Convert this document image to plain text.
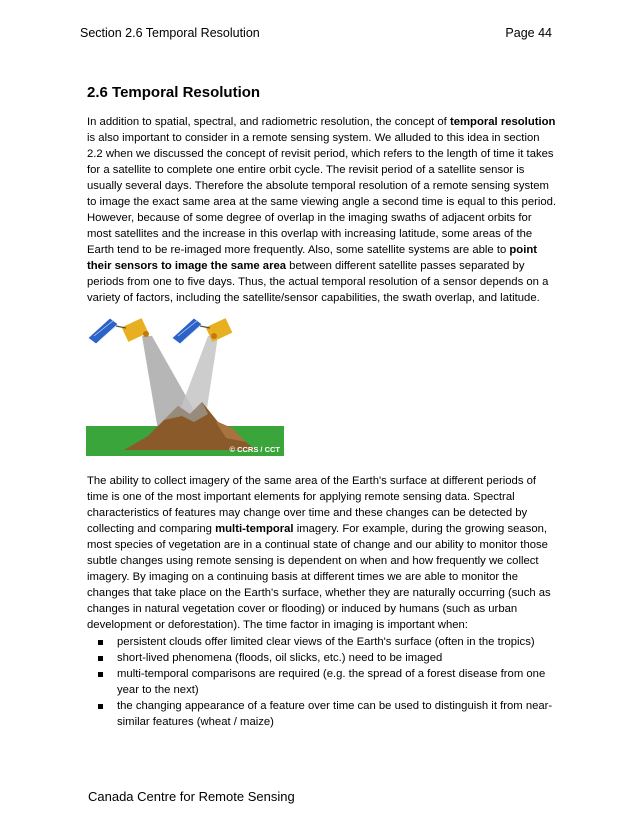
Section 2.6 Temporal Resolution	Page 44
2.6 Temporal Resolution

In addition to spatial, spectral, and radiometric resolution, the concept of temporal resolution is also important to consider in a remote sensing system. We alluded to this idea in section 2.2 when we discussed the concept of revisit period, which refers to the length of time it takes for a satellite to complete one entire orbit cycle. The revisit period of a satellite sensor is usually several days. Therefore the absolute temporal resolution of a remote sensing system to image the exact same area at the same viewing angle a second time is equal to this period. However, because of some degree of overlap in the imaging swaths of adjacent orbits for most satellites and the increase in this overlap with increasing latitude, some areas of the Earth tend to be re-imaged more frequently. Also, some satellite systems are able to point their sensors to image the same area between different satellite passes separated by periods from one to five days. Thus, the actual temporal resolution of a sensor depends on a variety of factors, including the satellite/sensor capabilities, the swath overlap, and latitude.

© CCRS / CCT

The ability to collect imagery of the same area of the Earth's surface at different periods of time is one of the most important elements for applying remote sensing data. Spectral characteristics of features may change over time and these changes can be detected by collecting and comparing multi-temporal imagery. For example, during the growing season, most species of vegetation are in a continual state of change and our ability to monitor those subtle changes using remote sensing is dependent on when and how frequently we collect imagery. By imaging on a continuing basis at different times we are able to monitor the changes that take place on the Earth's surface, whether they are naturally occurring (such as changes in natural vegetation cover or flooding) or induced by humans (such as urban development or deforestation). The time factor in imaging is important when:

persistent clouds offer limited clear views of the Earth's surface (often in the tropics)
short-lived phenomena (floods, oil slicks, etc.) need to be imaged
multi-temporal comparisons are required (e.g. the spread of a forest disease from one year to the next)
the changing appearance of a feature over time can be used to distinguish it from near-similar features (wheat / maize)
Canada Centre for Remote Sensing
